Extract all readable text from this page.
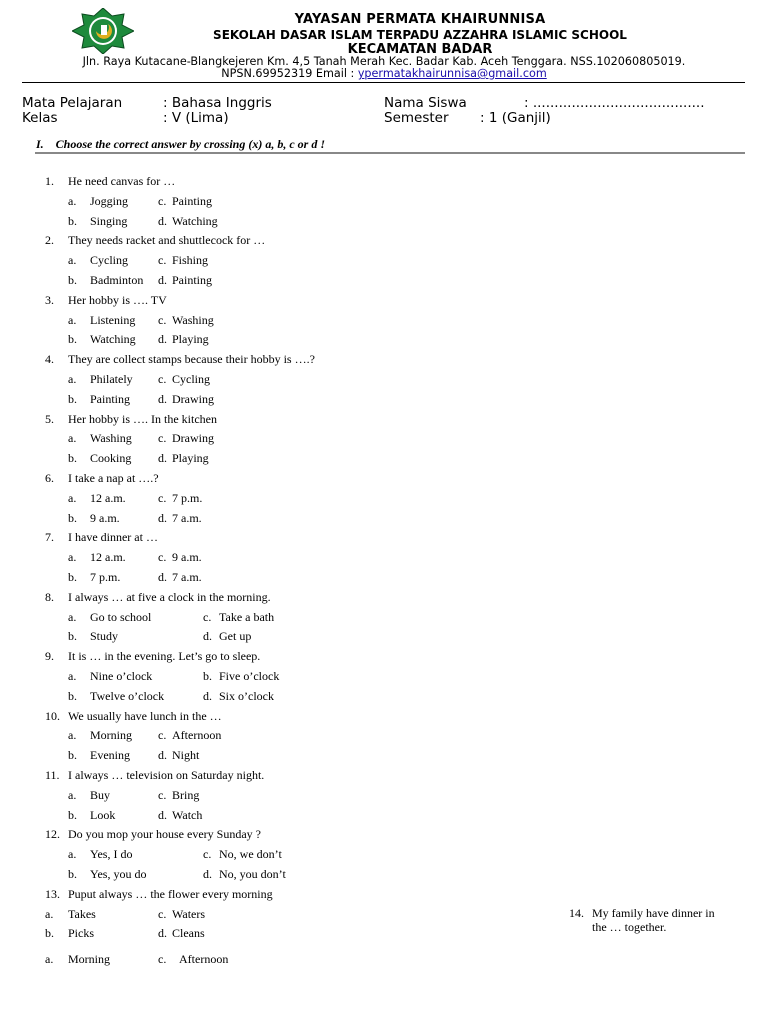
YAYASAN PERMATA KHAIRUNNISA
SEKOLAH DASAR ISLAM TERPADU AZZAHRA ISLAMIC SCHOOL
KECAMATAN BADAR
Jln. Raya Kutacane-Blangkejeren Km. 4,5 Tanah Merah Kec. Badar Kab. Aceh Tenggara. NSS.102060805019.
NPSN.69952319 Email : ypermatakhairunnisa@gmail.com
Mata Pelajaran	: Bahasa Inggris
Kelas	: V (Lima)
Nama Siswa	: ........................................
Semester : 1 (Ganjil)
I. Choose the correct answer by crossing (x) a, b, c or d !
1. He need canvas for …
a. Jogging c. Painting
b. Singing	d. Watching
2. They needs racket and shuttlecock for …
a. Cycling	c. Fishing
b. Badminton d. Painting
3. Her hobby is …. TV
a. Listening c. Washing
b. Watching d. Playing
4. They are collect stamps because their hobby is ….?
a. Philately c. Cycling
b. Painting d. Drawing
5. Her hobby is …. In the kitchen
a. Washing c. Drawing
b. Cooking d. Playing
6. I take a nap at ….?
a. 12 a.m.	c. 7 p.m.
b. 9 a.m.	d. 7 a.m.
7. I have dinner at …
a. 12 a.m.	c. 9 a.m.
b. 7 p.m.	d. 7 a.m.
8. I always … at five a clock in the morning.
a. Go to school	c. Take a bath
b. Study	d. Get up
9. It is … in the evening. Let’s go to sleep.
a. Nine o’clock	b. Five o’clock
b. Twelve o’clock	d. Six o’clock
10. We usually have lunch in the …
a. Morning c. Afternoon
b. Evening d. Night
11. I always … television on Saturday night.
a. Buy	c. Bring
b. Look	d. Watch
12. Do you mop your house every Sunday ?
a. Yes, I do	c. No, we don’t
b. Yes, you do	d. No, you don’t
13. Puput always … the flower every morning
a. Takes	c. Waters
b. Picks	d. Cleans
14. My family have dinner in
the … together.
a. Morning	c. Afternoon
